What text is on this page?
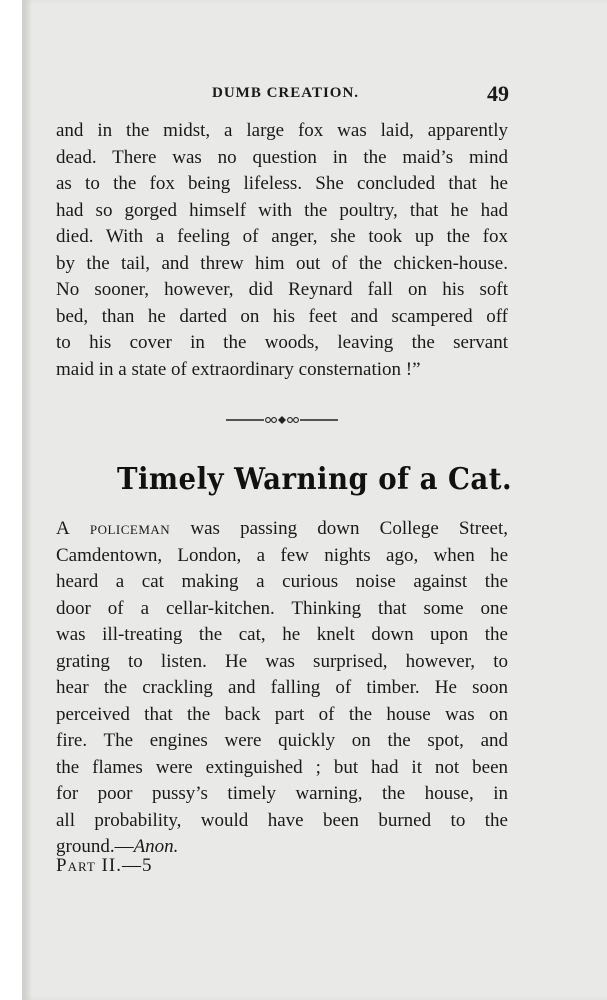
DUMB CREATION.	49
and in the midst, a large fox was laid, apparently
dead. There was no question in the maid’s mind
as to the fox being lifeless. She concluded that he
had so gorged himself with the poultry, that he had
died. With a feeling of anger, she took up the fox
by the tail, and threw him out of the chicken-house.
No sooner, however, did Reynard fall on his soft
bed, than he darted on his feet and scampered off
to his cover in the woods, leaving the servant
maid in a state of extraordinary consternation !”
Timely Warning of a Cat.
A policeman was passing down College Street,
Camdentown, London, a few nights ago, when he
heard a cat making a curious noise against the
door of a cellar-kitchen. Thinking that some one
was ill-treating the cat, he knelt down upon the
grating to listen. He was surprised, however, to
hear the crackling and falling of timber. He soon
perceived that the back part of the house was on
fire. The engines were quickly on the spot, and
the flames were extinguished ; but had it not been
for poor pussy’s timely warning, the house, in
all probability, would have been burned to the
ground.—Anon.
Part II.—5
